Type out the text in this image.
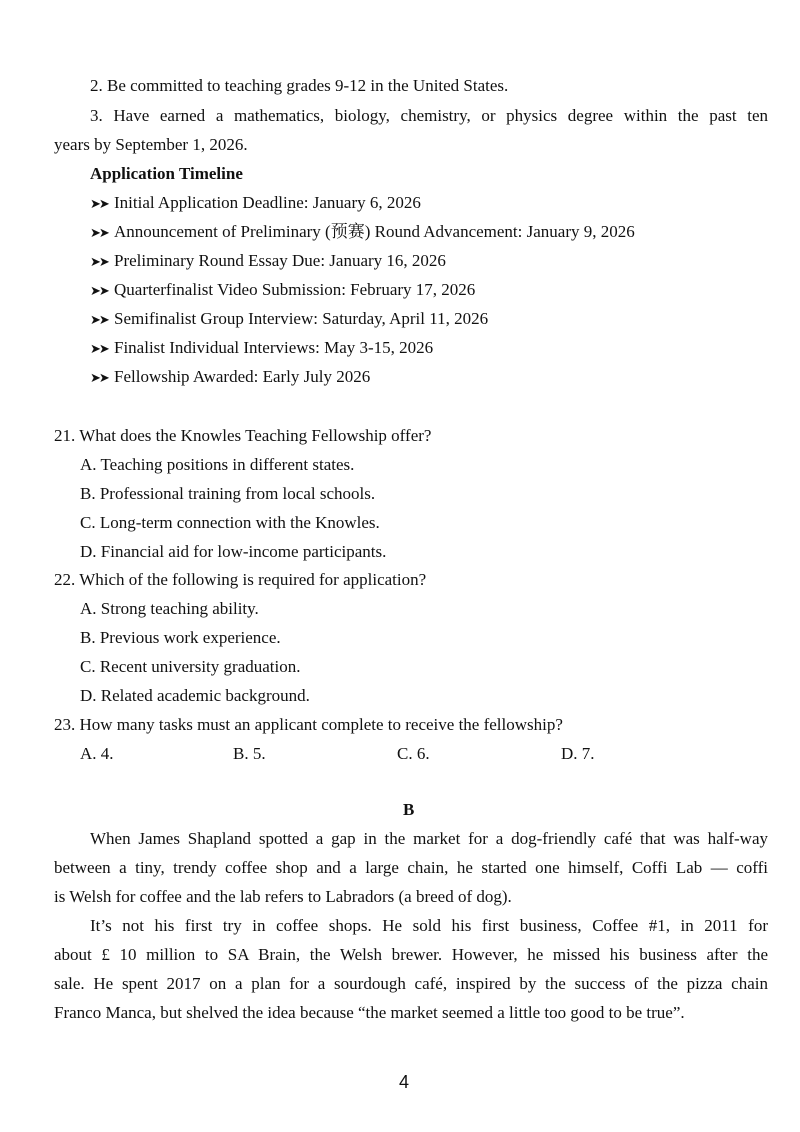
2. Be committed to teaching grades 9-12 in the United States.
3. Have earned a mathematics, biology, chemistry, or physics degree within the past ten
years by September 1, 2026.
Application Timeline
➤➤ Initial Application Deadline: January 6, 2026
➤➤ Announcement of Preliminary (预赛) Round Advancement: January 9, 2026
➤➤ Preliminary Round Essay Due: January 16, 2026
➤➤ Quarterfinalist Video Submission: February 17, 2026
➤➤ Semifinalist Group Interview: Saturday, April 11, 2026
➤➤ Finalist Individual Interviews: May 3-15, 2026
➤➤ Fellowship Awarded: Early July 2026
21. What does the Knowles Teaching Fellowship offer?
A. Teaching positions in different states.
B. Professional training from local schools.
C. Long-term connection with the Knowles.
D. Financial aid for low-income participants.
22. Which of the following is required for application?
A. Strong teaching ability.
B. Previous work experience.
C. Recent university graduation.
D. Related academic background.
23. How many tasks must an applicant complete to receive the fellowship?
A. 4.	B. 5.	C. 6.	D. 7.
B
When James Shapland spotted a gap in the market for a dog-friendly café that was half-way
between a tiny, trendy coffee shop and a large chain, he started one himself, Coffi Lab — coffi
is Welsh for coffee and the lab refers to Labradors (a breed of dog).
It’s not his first try in coffee shops. He sold his first business, Coffee #1, in 2011 for
about £ 10 million to SA Brain, the Welsh brewer. However, he missed his business after the
sale. He spent 2017 on a plan for a sourdough café, inspired by the success of the pizza chain
Franco Manca, but shelved the idea because “the market seemed a little too good to be true”.
4
